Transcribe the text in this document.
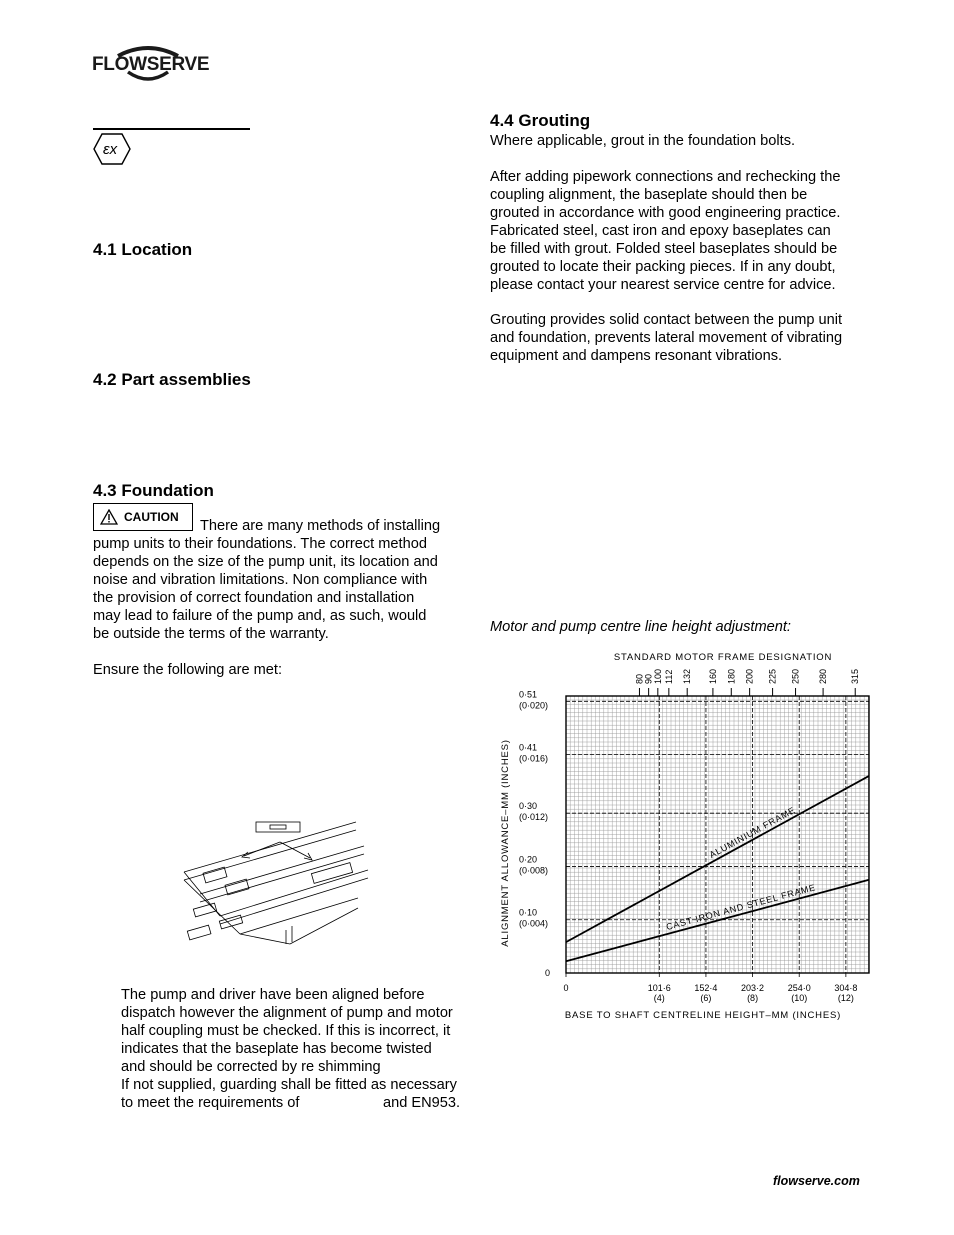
FLOWSERVE
εx
4.1 Location
4.2 Part assemblies
4.3 Foundation
CAUTION
There are many methods of installing

pump units to their foundations. The correct method

depends on the size of the pump unit, its location and

noise and vibration limitations. Non compliance with

the provision of correct foundation and installation

may lead to failure of the pump and, as such, would

be outside the terms of the warranty.

Ensure the following are met:

The pump and driver have been aligned before

dispatch however the alignment of pump and motor

half coupling must be checked. If this is incorrect, it

indicates that the baseplate has become twisted

and should be corrected by re shimming

If not supplied, guarding shall be fitted as necessary

to meet the requirements of	and EN953.
4.4 Grouting
Where applicable, grout in the foundation bolts.

After adding pipework connections and rechecking the

coupling alignment, the baseplate should then be

grouted in accordance with good engineering practice.

Fabricated steel, cast iron and epoxy baseplates can

be filled with grout. Folded steel baseplates should be

grouted to locate their packing pieces. If in any doubt,

please contact your nearest service centre for advice.

Grouting provides solid contact between the pump unit

and foundation, prevents lateral movement of vibrating

equipment and dampens resonant vibrations.

Motor and pump centre line height adjustment:
80 90 100 112 132 160 180 200 225 250 280 315
0	101·6
(4)
152·4
(6)
203·2
(8)
254·0
(10)
304·8
(12)
0
0·10
(0·004)
0·20
(0·008)
0·30
(0·012)
0·41
(0·016)
0·51
(0·020)
ALUMINIUM FRAME
CAST IRON AND STEEL FRAME
STANDARD MOTOR FRAME DESIGNATION
BASE TO SHAFT CENTRELINE HEIGHT–MM (INCHES)
ALIGNMENT ALLOWANCE–MM (INCHES)
flowserve.com
